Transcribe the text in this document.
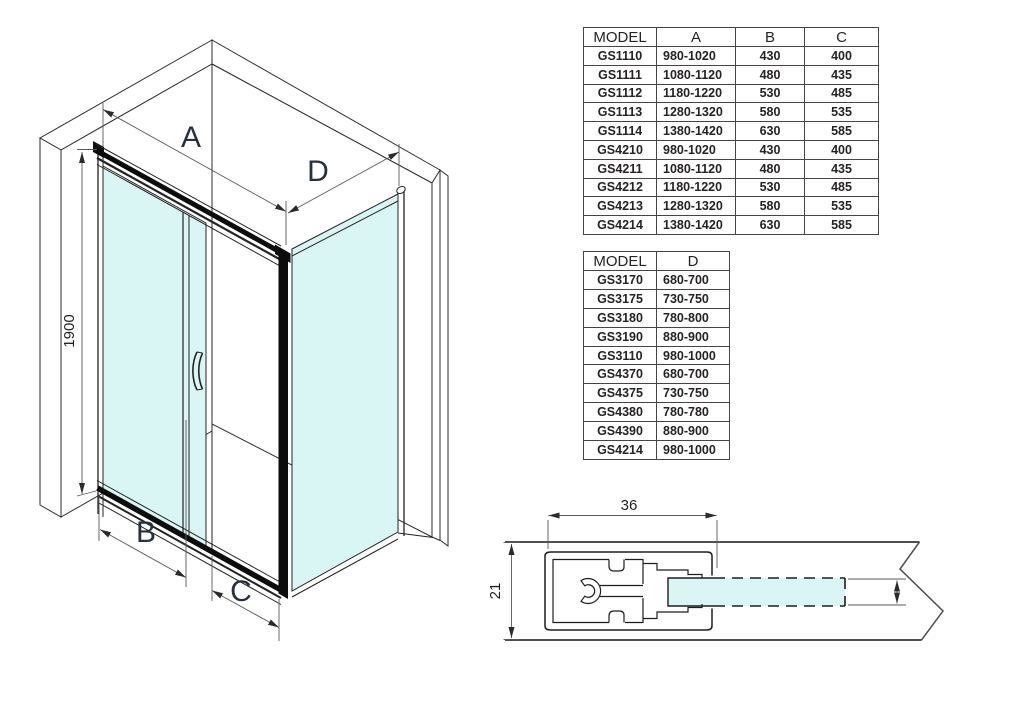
A
D
B
C
1900
36
21
MODEL	A	B	C
GS1110	980-1020	430	400
GS1111	1080-1120	480	435
GS1112	1180-1220	530	485
GS1113	1280-1320	580	535
GS1114	1380-1420	630	585
GS4210	980-1020	430	400
GS4211	1080-1120	480	435
GS4212	1180-1220	530	485
GS4213	1280-1320	580	535
GS4214	1380-1420	630	585
MODEL	D
GS3170	680-700
GS3175	730-750
GS3180	780-800
GS3190	880-900
GS3110	980-1000
GS4370	680-700
GS4375	730-750
GS4380	780-780
GS4390	880-900
GS4214	980-1000
